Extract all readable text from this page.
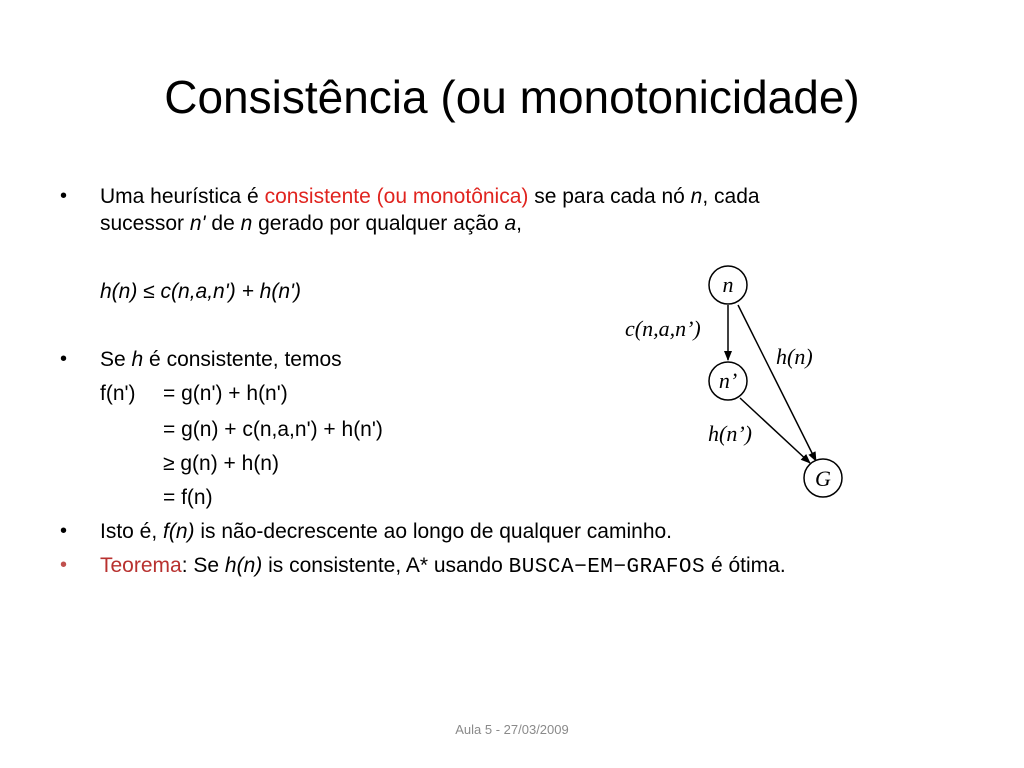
Consistência (ou monotonicidade)
•	Uma heurística é consistente (ou monotônica) se para cada nó n, cada
sucessor n' de n gerado por qualquer ação a,
h(n) ≤ c(n,a,n') + h(n')
•	Se h é consistente, temos
f(n') = g(n') + h(n')
= g(n) + c(n,a,n') + h(n')
≥ g(n) + h(n)
= f(n)
•	Isto é, f(n) is não-decrescente ao longo de qualquer caminho.
•	Teorema: Se h(n) is consistente, A* usando BUSCA−EM−GRAFOS é ótima.
n
n’
G
c(n,a,n’)
h(n)
h(n’)
Aula 5 - 27/03/2009
